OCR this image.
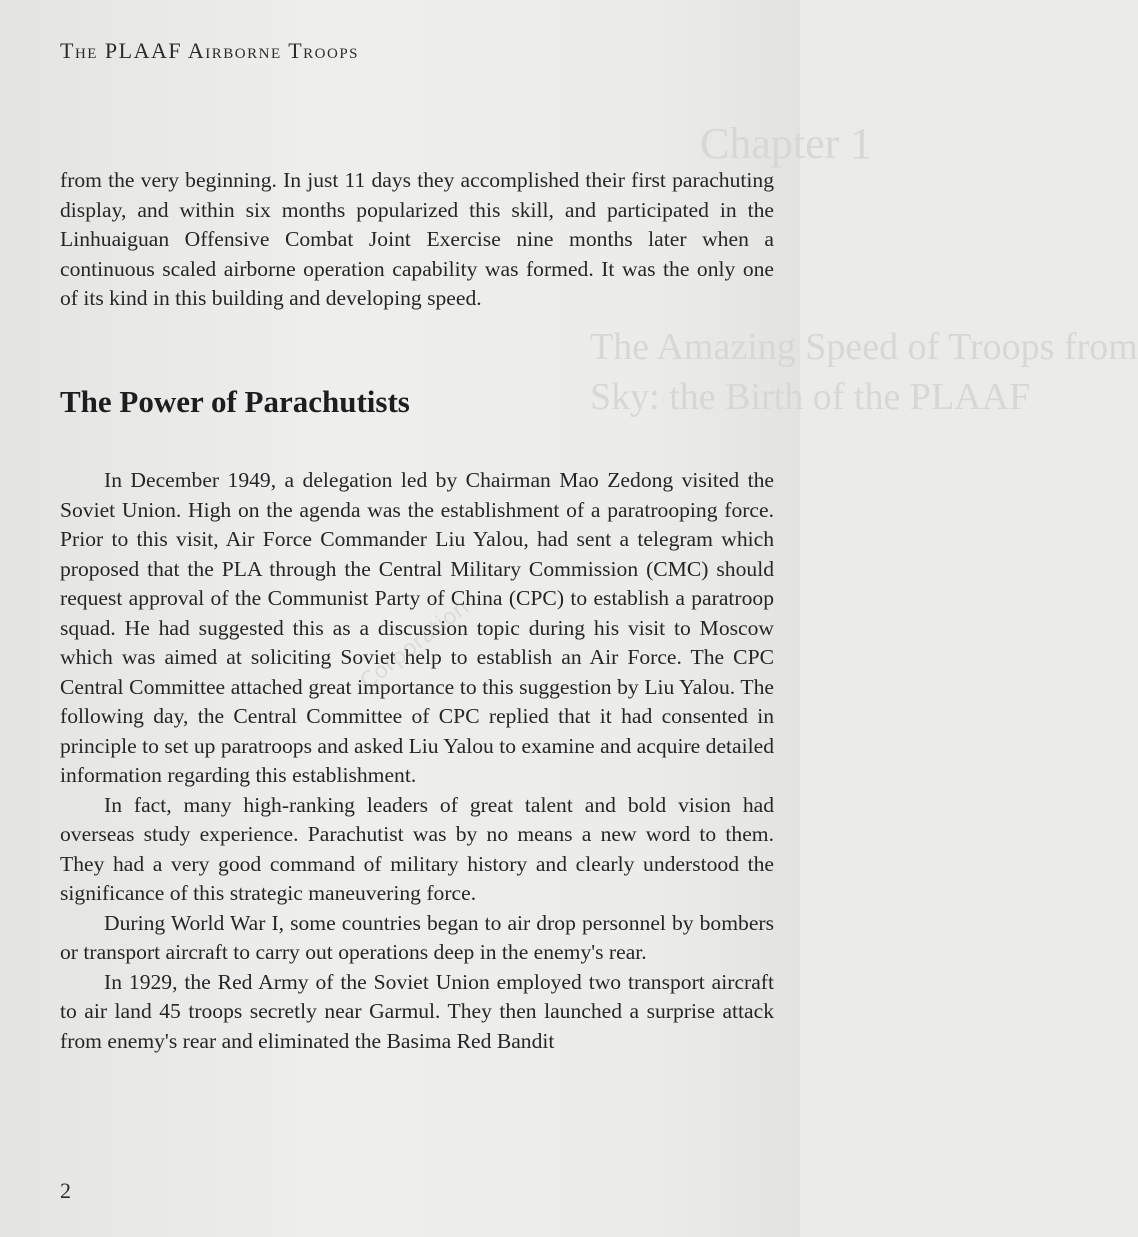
Chapter 1
The Amazing Speed of Troops from
Sky: the Birth of the PLAAF
The PLAAF Airborne Troops

from the very beginning. In just 11 days they accomplished their first parachuting display, and within six months popularized this skill, and participated in the Linhuaiguan Offensive Combat Joint Exercise nine months later when a continuous scaled airborne operation capability was formed. It was the only one of its kind in this building and developing speed.

The Power of Parachutists

In December 1949, a delegation led by Chairman Mao Zedong visited the Soviet Union. High on the agenda was the establishment of a paratrooping force. Prior to this visit, Air Force Commander Liu Yalou, had sent a telegram which proposed that the PLA through the Central Military Commission (CMC) should request approval of the Communist Party of China (CPC) to establish a paratroop squad. He had suggested this as a discussion topic during his visit to Moscow which was aimed at soliciting Soviet help to establish an Air Force. The CPC Central Committee attached great importance to this suggestion by Liu Yalou. The following day, the Central Committee of CPC replied that it had consented in principle to set up paratroops and asked Liu Yalou to examine and acquire detailed information regarding this establishment.

In fact, many high-ranking leaders of great talent and bold vision had overseas study experience. Parachutist was by no means a new word to them. They had a very good command of military history and clearly understood the significance of this strategic maneuvering force.

During World War I, some countries began to air drop personnel by bombers or transport aircraft to carry out operations deep in the enemy's rear.

In 1929, the Red Army of the Soviet Union employed two transport aircraft to air land 45 troops secretly near Garmul. They then launched a surprise attack from enemy's rear and eliminated the Basima Red Bandit

Corporation
2
